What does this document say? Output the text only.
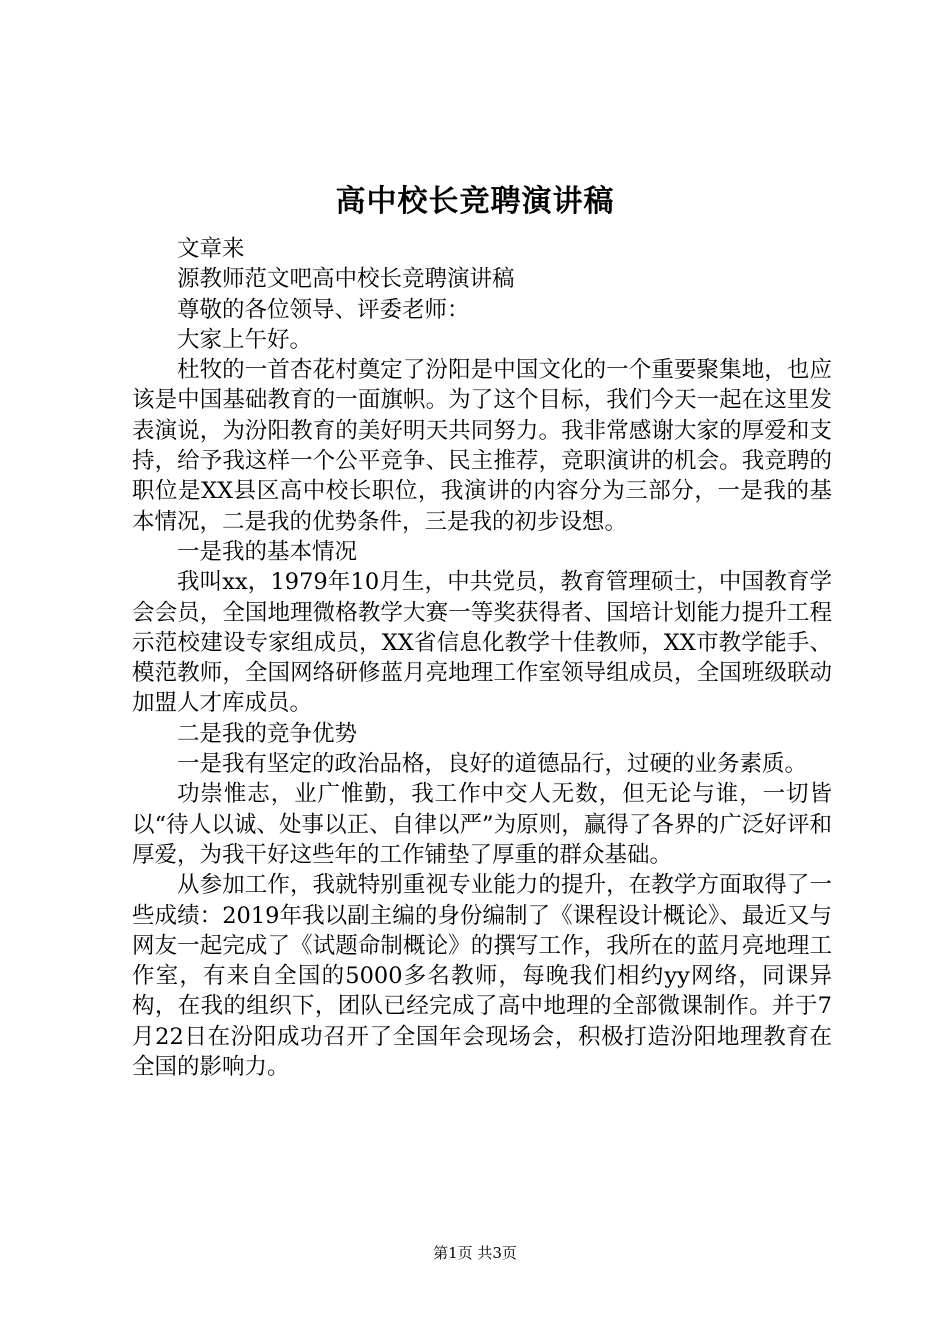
高中校长竞聘演讲稿

文章来

源教师范文吧高中校长竞聘演讲稿

尊敬的各位领导、评委老师：

大家上午好。

杜牧的一首杏花村奠定了汾阳是中国文化的一个重要聚集地，也应该是中国基础教育的一面旗帜。为了这个目标，我们今天一起在这里发表演说，为汾阳教育的美好明天共同努力。我非常感谢大家的厚爱和支持，给予我这样一个公平竞争、民主推荐，竞职演讲的机会。我竞聘的职位是XX县区高中校长职位，我演讲的内容分为三部分，一是我的基本情况，二是我的优势条件，三是我的初步设想。

一是我的基本情况

我叫xx，1979年10月生，中共党员，教育管理硕士，中国教育学会会员，全国地理微格教学大赛一等奖获得者、国培计划能力提升工程示范校建设专家组成员，XX省信息化教学十佳教师，XX市教学能手、模范教师，全国网络研修蓝月亮地理工作室领导组成员，全国班级联动加盟人才库成员。

二是我的竞争优势

一是我有坚定的政治品格，良好的道德品行，过硬的业务素质。

功崇惟志，业广惟勤，我工作中交人无数，但无论与谁，一切皆以“待人以诚、处事以正、自律以严”为原则，赢得了各界的广泛好评和厚爱，为我干好这些年的工作铺垫了厚重的群众基础。

从参加工作，我就特别重视专业能力的提升，在教学方面取得了一些成绩：2019年我以副主编的身份编制了《课程设计概论》、最近又与网友一起完成了《试题命制概论》的撰写工作，我所在的蓝月亮地理工作室，有来自全国的5000多名教师，每晚我们相约yy网络，同课异构，在我的组织下，团队已经完成了高中地理的全部微课制作。并于7月22日在汾阳成功召开了全国年会现场会，积极打造汾阳地理教育在全国的影响力。

第1页 共3页
